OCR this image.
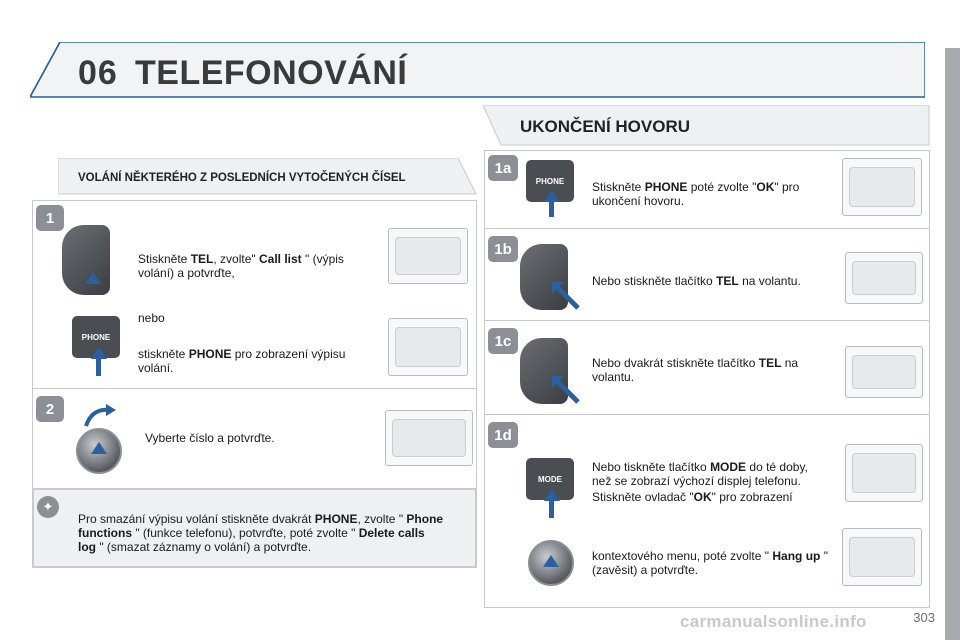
06 TELEFONOVÁNÍ
VOLÁNÍ NĚKTERÉHO Z POSLEDNÍCH VYTOČENÝCH ČÍSEL
1
Stiskněte TEL, zvolte" Call list " (výpis volání) a potvrďte,
nebo
PHONE
stiskněte PHONE pro zobrazení výpisu volání.
2
Vyberte číslo a potvrďte.
✦
Pro smazání výpisu volání stiskněte dvakrát PHONE, zvolte " Phone functions " (funkce telefonu), potvrďte, poté zvolte " Delete calls log " (smazat záznamy o volání) a potvrďte.
UKONČENÍ HOVORU
1a
PHONE Stiskněte PHONE poté zvolte "OK" pro ukončení hovoru.
1b
Nebo stiskněte tlačítko TEL na volantu.
1c
Nebo dvakrát stiskněte tlačítko TEL na volantu.
1d
MODE
Nebo tiskněte tlačítko MODE do té doby, než se zobrazí výchozí displej telefonu.
Stiskněte ovladač "OK" pro zobrazení
kontextového menu, poté zvolte " Hang up " (zavěsit) a potvrďte.
carmanualsonline.info	303
